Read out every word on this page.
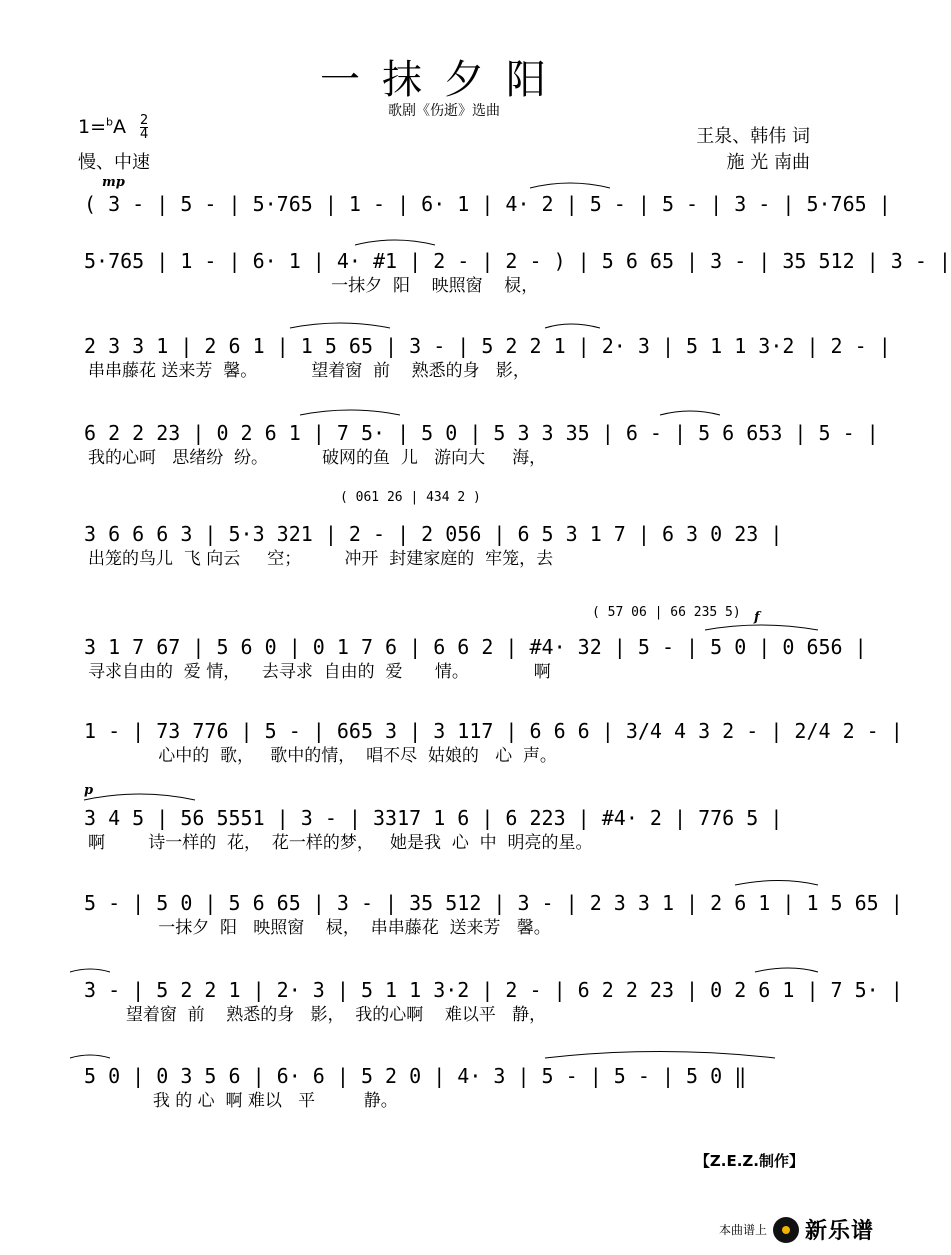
一抹夕阳
歌剧《伤逝》选曲
$1=^bA \frac{2}{4}$
慢、中速
王泉、韩伟 词
施 光 南曲
mp
f
p
( 061 26 | 434 2 )
( 57 06 | 66 235 5)
( 3 - | 5 - | 5·765 | 1 - | 6· 1 | 4· 2 | 5 - | 5 - | 3 - | 5·765 |
5·765 | 1 - | 6· 1 | 4· #1 | 2 - | 2 - ) | 5 6 65 | 3 - | 35 512 | 3 - |
一抹夕  阳    映照窗    棂，
2 3 3 1 | 2 6 1 | 1 5 65 | 3 - | 5 2 2 1 | 2· 3 | 5 1 1 3·2 | 2 - |
串串藤花 送来芳  馨。          望着窗  前    熟悉的身   影，
6 2 2 23 | 0 2 6 1 | 7 5· | 5 0 | 5 3 3 35 | 6 - | 5 6 653 | 5 - |
我的心呵   思绪纷  纷。          破网的鱼  儿   游向大     海，
3 6 6 6 3 | 5·3 321 | 2 - | 2 056 | 6 5 3 1 7 | 6 3 0 23 |
出笼的鸟儿  飞 向云     空；        冲开  封建家庭的  牢笼，去
3 1 7 67 | 5 6 0 | 0 1 7 6 | 6 6 2 | #4· 32 | 5 - | 5 0 | 0 656 |
寻求自由的  爱 情，    去寻求  自由的  爱      情。            啊
1 - | 73 776 | 5 - | 665 3 | 3 117 | 6 6 6 | 3/4 4 3 2 - | 2/4 2 - |
心中的  歌，   歌中的情，  唱不尽  姑娘的   心  声。
3 4 5 | 56 5551 | 3 - | 3317 1 6 | 6 223 | #4· 2 | 776 5 |
啊        诗一样的  花，  花一样的梦，   她是我  心  中  明亮的星。
5 - | 5 0 | 5 6 65 | 3 - | 35 512 | 3 - | 2 3 3 1 | 2 6 1 | 1 5 65 |
一抹夕  阳   映照窗    棂，  串串藤花  送来芳   馨。
3 - | 5 2 2 1 | 2· 3 | 5 1 1 3·2 | 2 - | 6 2 2 23 | 0 2 6 1 | 7 5· |
望着窗  前    熟悉的身   影，  我的心啊    难以平   静，
5 0 | 0 3 5 6 | 6· 6 | 5 2 0 | 4· 3 | 5 - | 5 - | 5 0 ‖
我 的 心  啊 难以   平         静。
【Z.E.Z.制作】
本曲谱上 新乐谱
